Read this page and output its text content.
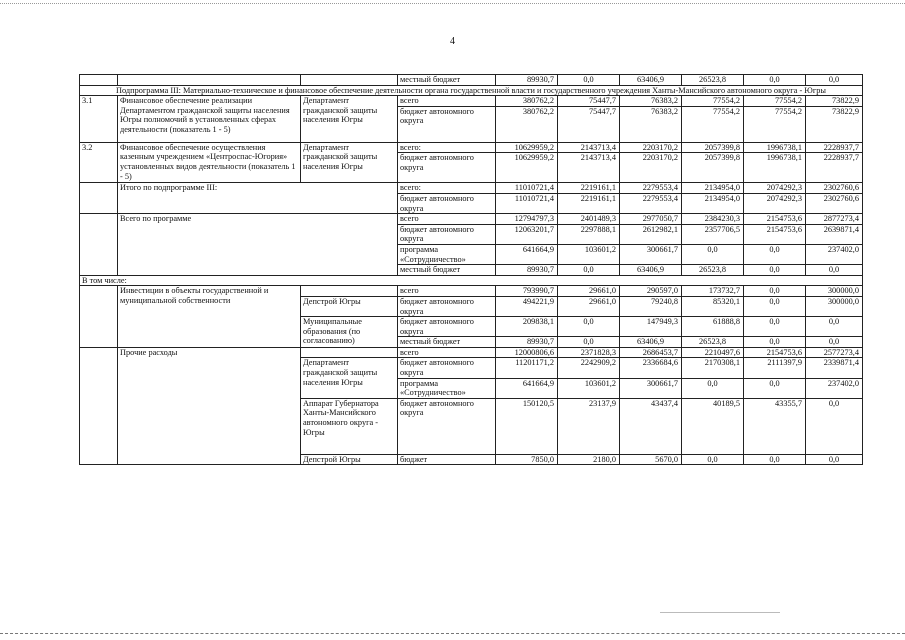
4
			местный бюджет	89930,7	0,0	63406,9	26523,8	0,0	0,0
Подпрограмма III: Материально-техническое и финансовое обеспечение деятельности органа государственной власти и государственного учреждения Ханты-Мансийского автономного округа - Югры									
3.1	Финансовое обеспечение реализации Департаментом гражданской защиты населения Югры полномочий в установленных сферах деятельности (показатель 1 - 5)	Департамент гражданской защиты населения Югры	всего	380762,2	75447,7	76383,2	77554,2	77554,2	73822,9
			бюджет автономного округа	380762,2	75447,7	76383,2	77554,2	77554,2	73822,9
3.2	Финансовое обеспечение осуществления казенным учреждением «Центроспас-Югория» установленных видов деятельности (показатель 1 - 5)	Департамент гражданской защиты населения Югры	всего:	10629959,2	2143713,4	2203170,2	2057399,8	1996738,1	2228937,7
			бюджет автономного округа	10629959,2	2143713,4	2203170,2	2057399,8	1996738,1	2228937,7
	Итого по подпрограмме III:		всего:	11010721,4	2219161,1	2279553,4	2134954,0	2074292,3	2302760,6
			бюджет автономного округа	11010721,4	2219161,1	2279553,4	2134954,0	2074292,3	2302760,6
	Всего по программе		всего	12794797,3	2401489,3	2977050,7	2384230,3	2154753,6	2877273,4
			бюджет автономного округа	12063201,7	2297888,1	2612982,1	2357706,5	2154753,6	2639871,4
			программа «Сотрудничество»	641664,9	103601,2	300661,7	0,0	0,0	237402,0
			местный бюджет	89930,7	0,0	63406,9	26523,8	0,0	0,0
В том числе:									
	Инвестиции в объекты государственной и муниципальной собственности		всего	793990,7	29661,0	290597,0	173732,7	0,0	300000,0
		Депстрой Югры	бюджет автономного округа	494221,9	29661,0	79240,8	85320,1	0,0	300000,0
		Муниципальные образования (по согласованию)	бюджет автономного округа	209838,1	0,0	147949,3	61888,8	0,0	0,0
			местный бюджет	89930,7	0,0	63406,9	26523,8	0,0	0,0
	Прочие расходы		всего	12000806,6	2371828,3	2686453,7	2210497,6	2154753,6	2577273,4
		Департамент гражданской защиты населения Югры	бюджет автономного округа	11201171,2	2242909,2	2336684,6	2170308,1	2111397,9	2339871,4
			программа «Сотрудничество»	641664,9	103601,2	300661,7	0,0	0,0	237402,0
		Аппарат Губернатора Ханты-Мансийского автономного округа - Югры	бюджет автономного округа	150120,5	23137,9	43437,4	40189,5	43355,7	0,0
		Депстрой Югры	бюджет	7850,0	2180,0	5670,0	0,0	0,0	0,0
